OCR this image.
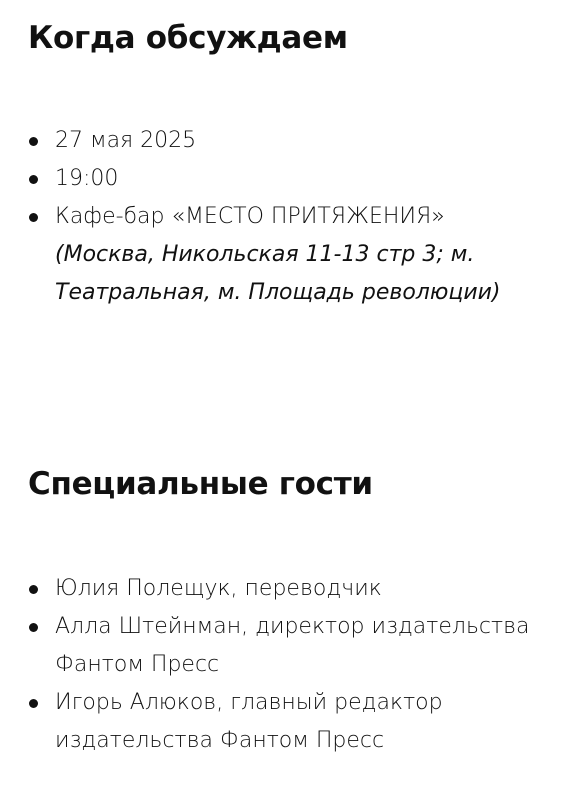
Когда обсуждаем
27 мая 2025
19:00
Кафе-бар «МЕСТО ПРИТЯЖЕНИЯ»
(Москва, Никольская 11-13 стр 3; м.
Театральная, м. Площадь революции)
Специальные гости
Юлия Полещук, переводчик
Алла Штейнман, директор издательства
Фантом Пресс
Игорь Алюков, главный редактор
издательства Фантом Пресс
